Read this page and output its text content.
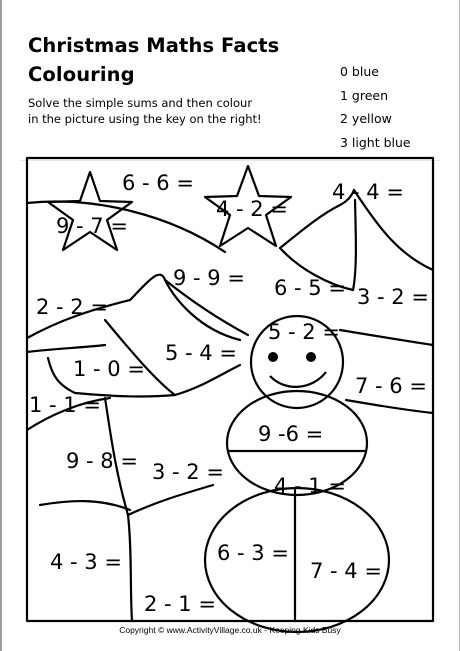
Christmas Maths Facts
Colouring
Solve the simple sums and then colour
in the picture using the key on the right!
0 blue
1 green
2 yellow
3 light blue
6 - 6 =
9 - 7 =
4 - 2 =
4 - 4 =
9 - 9 =
2 - 2 =
6 - 5 = 3 - 2 =
5 - 2 =
1 - 0 =
5 - 4 =
7 - 6 =
1 - 1 =
9 -6 =
9 - 8 = 3 - 2 =
4 - 1 =
4 - 3 =	6 - 3 =
7 - 4 =
2 - 1 =
Copyright © www.ActivityVillage.co.uk - Keeping Kids Busy
